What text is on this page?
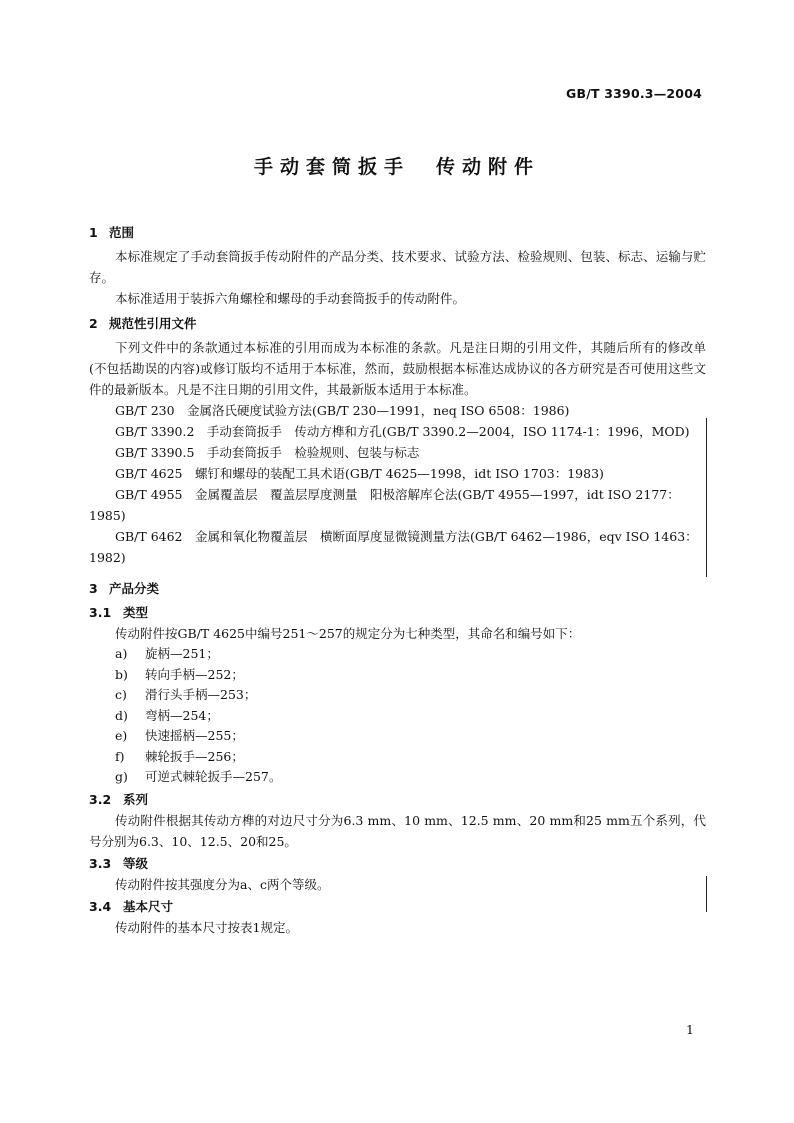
GB/T 3390.3—2004
手动套筒扳手 传动附件
1 范围
本标准规定了手动套筒扳手传动附件的产品分类、技术要求、试验方法、检验规则、包装、标志、运输与贮存。
本标准适用于装拆六角螺栓和螺母的手动套筒扳手的传动附件。
2 规范性引用文件
下列文件中的条款通过本标准的引用而成为本标准的条款。凡是注日期的引用文件，其随后所有的修改单(不包括勘误的内容)或修订版均不适用于本标准，然而，鼓励根据本标准达成协议的各方研究是否可使用这些文件的最新版本。凡是不注日期的引用文件，其最新版本适用于本标准。
GB/T 230　金属洛氏硬度试验方法(GB/T 230—1991，neq ISO 6508：1986)
GB/T 3390.2　手动套筒扳手　传动方榫和方孔(GB/T 3390.2—2004，ISO 1174-1：1996，MOD)
GB/T 3390.5　手动套筒扳手　检验规则、包装与标志
GB/T 4625　螺钉和螺母的装配工具术语(GB/T 4625—1998，idt ISO 1703：1983)
GB/T 4955　金属覆盖层　覆盖层厚度测量　阳极溶解库仑法(GB/T 4955—1997，idt ISO 2177：1985)
GB/T 6462　金属和氧化物覆盖层　横断面厚度显微镜测量方法(GB/T 6462—1986，eqv ISO 1463：1982)
3 产品分类
3.1 类型
传动附件按GB/T 4625中编号251～257的规定分为七种类型，其命名和编号如下：
a) 旋柄—251；
b) 转向手柄—252；
c) 滑行头手柄—253；
d) 弯柄—254；
e) 快速摇柄—255；
f) 棘轮扳手—256；
g) 可逆式棘轮扳手—257。
3.2 系列
传动附件根据其传动方榫的对边尺寸分为6.3 mm、10 mm、12.5 mm、20 mm和25 mm五个系列，代号分别为6.3、10、12.5、20和25。
3.3 等级
传动附件按其强度分为a、c两个等级。
3.4 基本尺寸
传动附件的基本尺寸按表1规定。
1
